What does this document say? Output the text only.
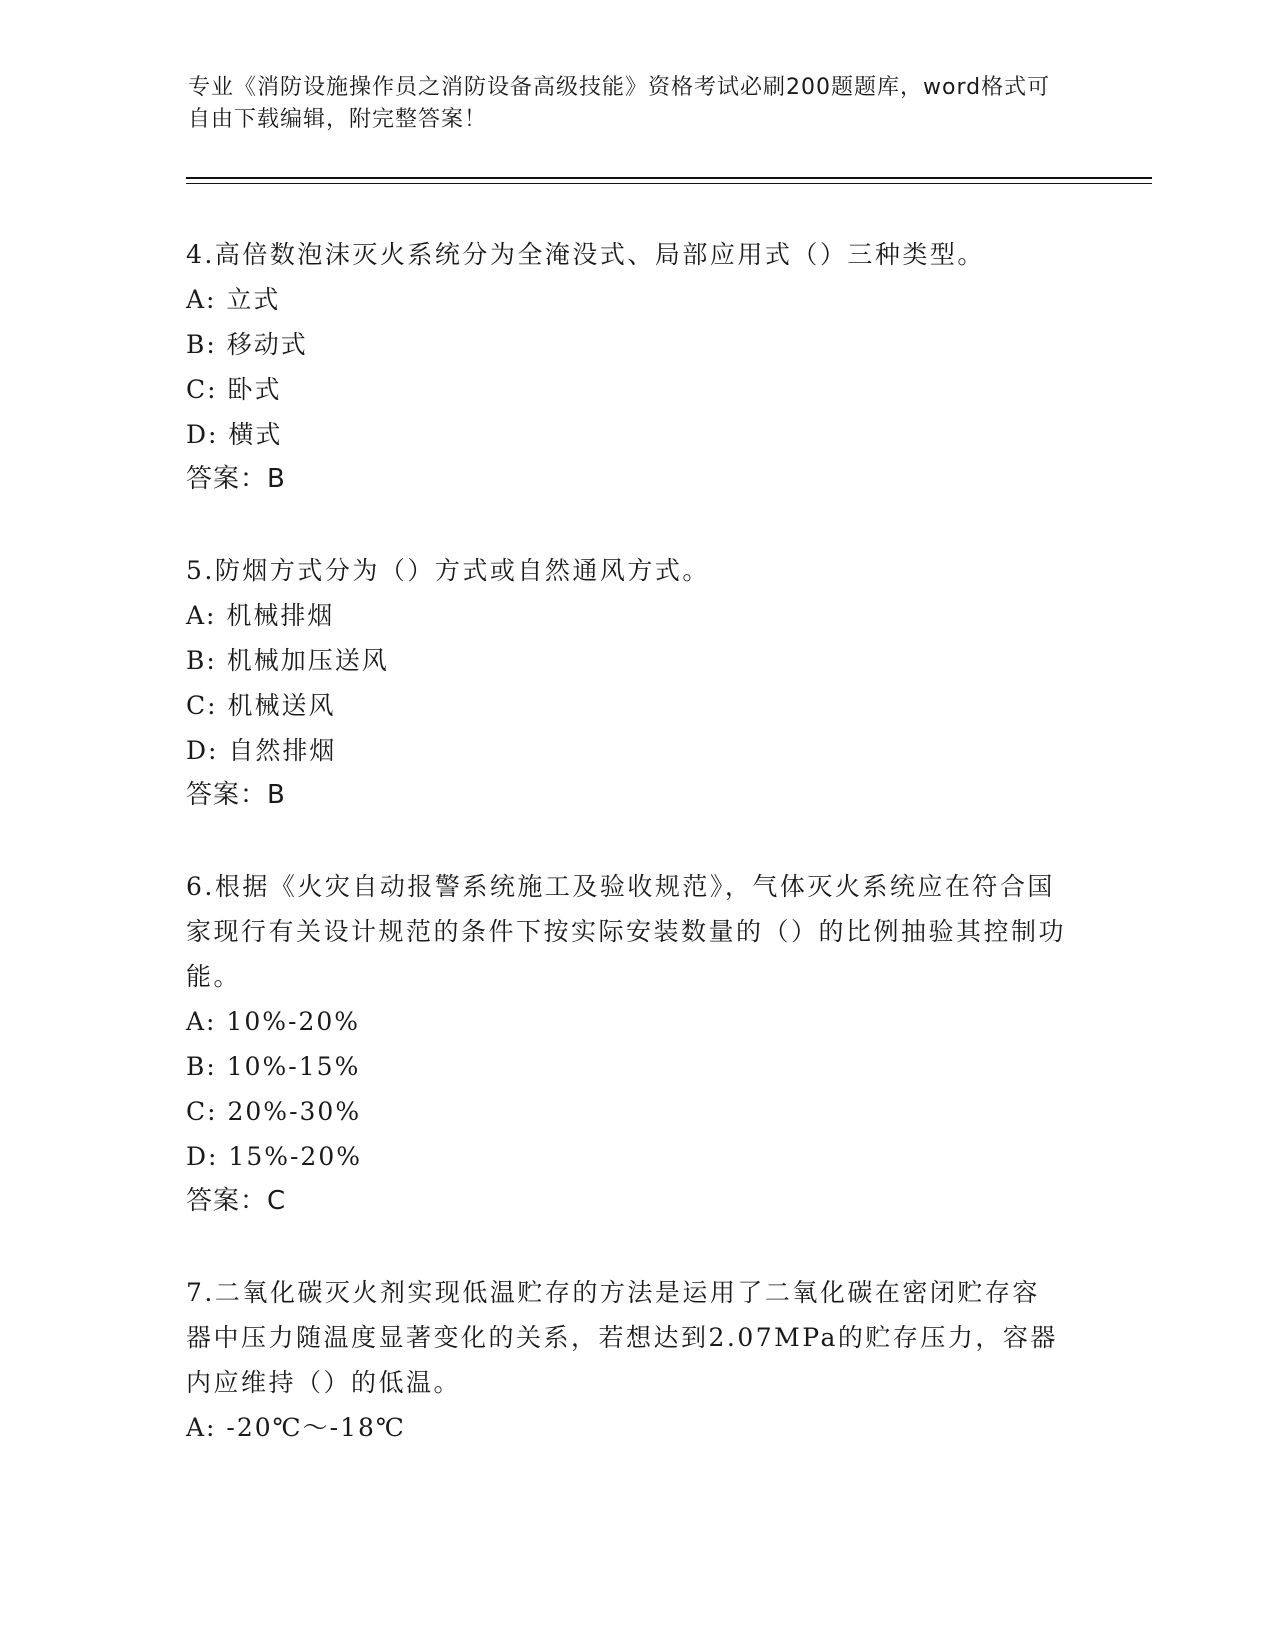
专业《消防设施操作员之消防设备高级技能》资格考试必刷200题题库，word格式可自由下载编辑，附完整答案！

4.高倍数泡沫灭火系统分为全淹没式、局部应用式（）三种类型。

A: 立式

B: 移动式

C: 卧式

D: 横式

答案：B

5.防烟方式分为（）方式或自然通风方式。

A: 机械排烟

B: 机械加压送风

C: 机械送风

D: 自然排烟

答案：B

6.根据《火灾自动报警系统施工及验收规范》，气体灭火系统应在符合国家现行有关设计规范的条件下按实际安装数量的（）的比例抽验其控制功能。

A: 10%-20%

B: 10%-15%

C: 20%-30%

D: 15%-20%

答案：C

7.二氧化碳灭火剂实现低温贮存的方法是运用了二氧化碳在密闭贮存容器中压力随温度显著变化的关系，若想达到2.07MPa的贮存压力，容器内应维持（）的低温。

A: -20℃～-18℃
